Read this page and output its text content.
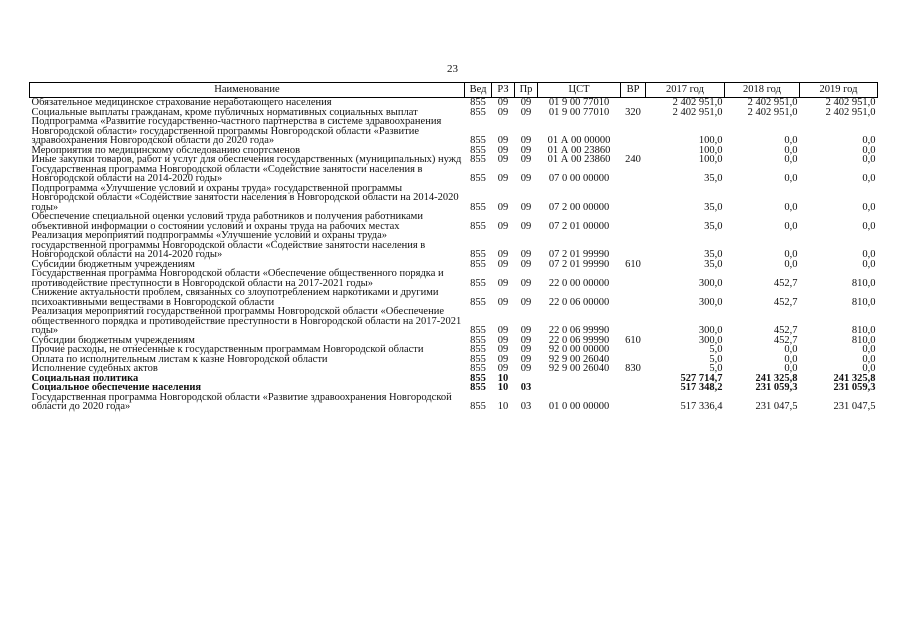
23
Наименование	Вед	РЗ	Пр	ЦСТ	ВР	2017 год	2018 год	2019 год
Обязательное медицинское страхование неработающего населения	855	09	09	01 9 00 77010		2 402 951,0	2 402 951,0	2 402 951,0
Социальные выплаты гражданам, кроме публичных нормативных социальных выплат	855	09	09	01 9 00 77010	320	2 402 951,0	2 402 951,0	2 402 951,0
Подпрограмма «Развитие государственно-частного партнерства в системе здравоохранения Новгородской области» государственной программы Новгородской области «Развитие здравоохранения Новгородской области до 2020 года»	855	09	09	01 А 00 00000		100,0	0,0	0,0
Мероприятия по медицинскому обследованию спортсменов	855	09	09	01 А 00 23860		100,0	0,0	0,0
Иные закупки товаров, работ и услуг для обеспечения государственных (муниципальных) нужд	855	09	09	01 А 00 23860	240	100,0	0,0	0,0
Государственная программа Новгородской области «Содействие занятости населения в Новгородской области на 2014-2020 годы»	855	09	09	07 0 00 00000		35,0	0,0	0,0
Подпрограмма «Улучшение условий и охраны труда» государственной программы Новгородской области «Содействие занятости населения в Новгородской области на 2014-2020 годы»	855	09	09	07 2 00 00000		35,0	0,0	0,0
Обеспечение специальной оценки условий труда работников и получения работниками объективной информации о состоянии условий и охраны труда на рабочих местах	855	09	09	07 2 01 00000		35,0	0,0	0,0
Реализация мероприятий подпрограммы «Улучшение условий и охраны труда» государственной программы Новгородской области «Содействие занятости населения в Новгородской области на 2014-2020 годы»	855	09	09	07 2 01 99990		35,0	0,0	0,0
Субсидии бюджетным учреждениям	855	09	09	07 2 01 99990	610	35,0	0,0	0,0
Государственная программа Новгородской области «Обеспечение общественного порядка и противодействие преступности в Новгородской области на 2017-2021 годы»	855	09	09	22 0 00 00000		300,0	452,7	810,0
Снижение актуальности проблем, связанных со злоупотреблением наркотиками и другими психоактивными веществами в Новгородской области	855	09	09	22 0 06 00000		300,0	452,7	810,0
Реализация мероприятий государственной программы Новгородской области «Обеспечение общественного порядка и противодействие преступности в Новгородской области на 2017-2021 годы»	855	09	09	22 0 06 99990		300,0	452,7	810,0
Субсидии бюджетным учреждениям	855	09	09	22 0 06 99990	610	300,0	452,7	810,0
Прочие расходы, не отнесенные к государственным программам Новгородской области	855	09	09	92 0 00 00000		5,0	0,0	0,0
Оплата по исполнительным листам к казне Новгородской области	855	09	09	92 9 00 26040		5,0	0,0	0,0
Исполнение судебных актов	855	09	09	92 9 00 26040	830	5,0	0,0	0,0
Социальная политика	855	10				527 714,7	241 325,8	241 325,8
Социальное обеспечение населения	855	10	03			517 348,2	231 059,3	231 059,3
Государственная программа Новгородской области «Развитие здравоохранения Новгородской области до 2020 года»	855	10	03	01 0 00 00000		517 336,4	231 047,5	231 047,5
